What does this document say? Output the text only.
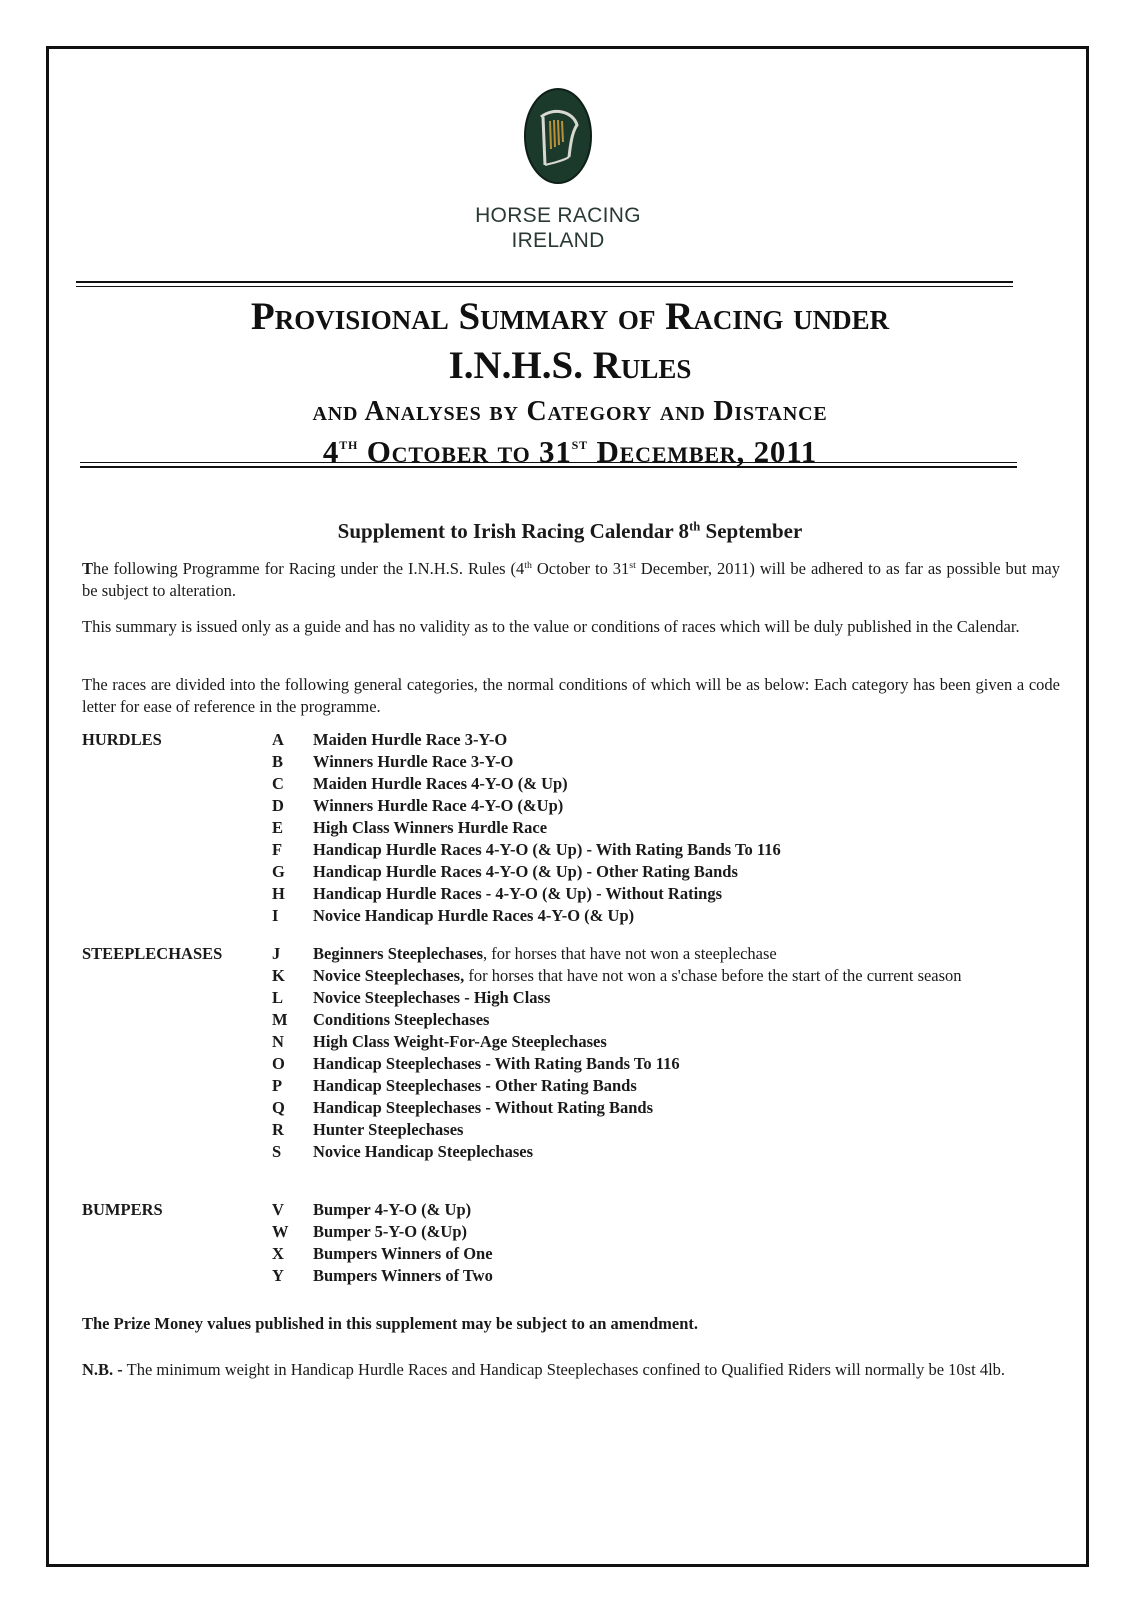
HORSE RACING
IRELAND
Provisional Summary of Racing under
I.N.H.S. Rules
and Analyses by Category and Distance
4th October to 31st December, 2011
Supplement to Irish Racing Calendar 8th September
The following Programme for Racing under the I.N.H.S. Rules (4th October to 31st December, 2011) will be adhered to as far as possible but may be subject to alteration.
This summary is issued only as a guide and has no validity as to the value or conditions of races which will be duly published in the Calendar.
The races are divided into the following general categories, the normal conditions of which will be as below: Each category has been given a code letter for ease of reference in the programme.
HURDLES	A	Maiden Hurdle Race 3-Y-O
B	Winners Hurdle Race 3-Y-O
C	Maiden Hurdle Races 4-Y-O (& Up)
D	Winners Hurdle Race 4-Y-O (&Up)
E	High Class Winners Hurdle Race
F	Handicap Hurdle Races 4-Y-O (& Up) - With Rating Bands To 116
G	Handicap Hurdle Races 4-Y-O (& Up) - Other Rating Bands
H	Handicap Hurdle Races - 4-Y-O (& Up) - Without Ratings
I	Novice Handicap Hurdle Races 4-Y-O (& Up)
STEEPLECHASES	J	Beginners Steeplechases, for horses that have not won a steeplechase
K	Novice Steeplechases, for horses that have not won a s'chase before the start of the current season
L	Novice Steeplechases - High Class
M	Conditions Steeplechases
N	High Class Weight-For-Age Steeplechases
O	Handicap Steeplechases - With Rating Bands To 116
P	Handicap Steeplechases - Other Rating Bands
Q	Handicap Steeplechases - Without Rating Bands
R	Hunter Steeplechases
S	Novice Handicap Steeplechases
BUMPERS	V	Bumper 4-Y-O (& Up)
W	Bumper 5-Y-O (&Up)
X	Bumpers Winners of One
Y	Bumpers Winners of Two
The Prize Money values published in this supplement may be subject to an amendment.
N.B. - The minimum weight in Handicap Hurdle Races and Handicap Steeplechases confined to Qualified Riders will normally be 10st 4lb.
